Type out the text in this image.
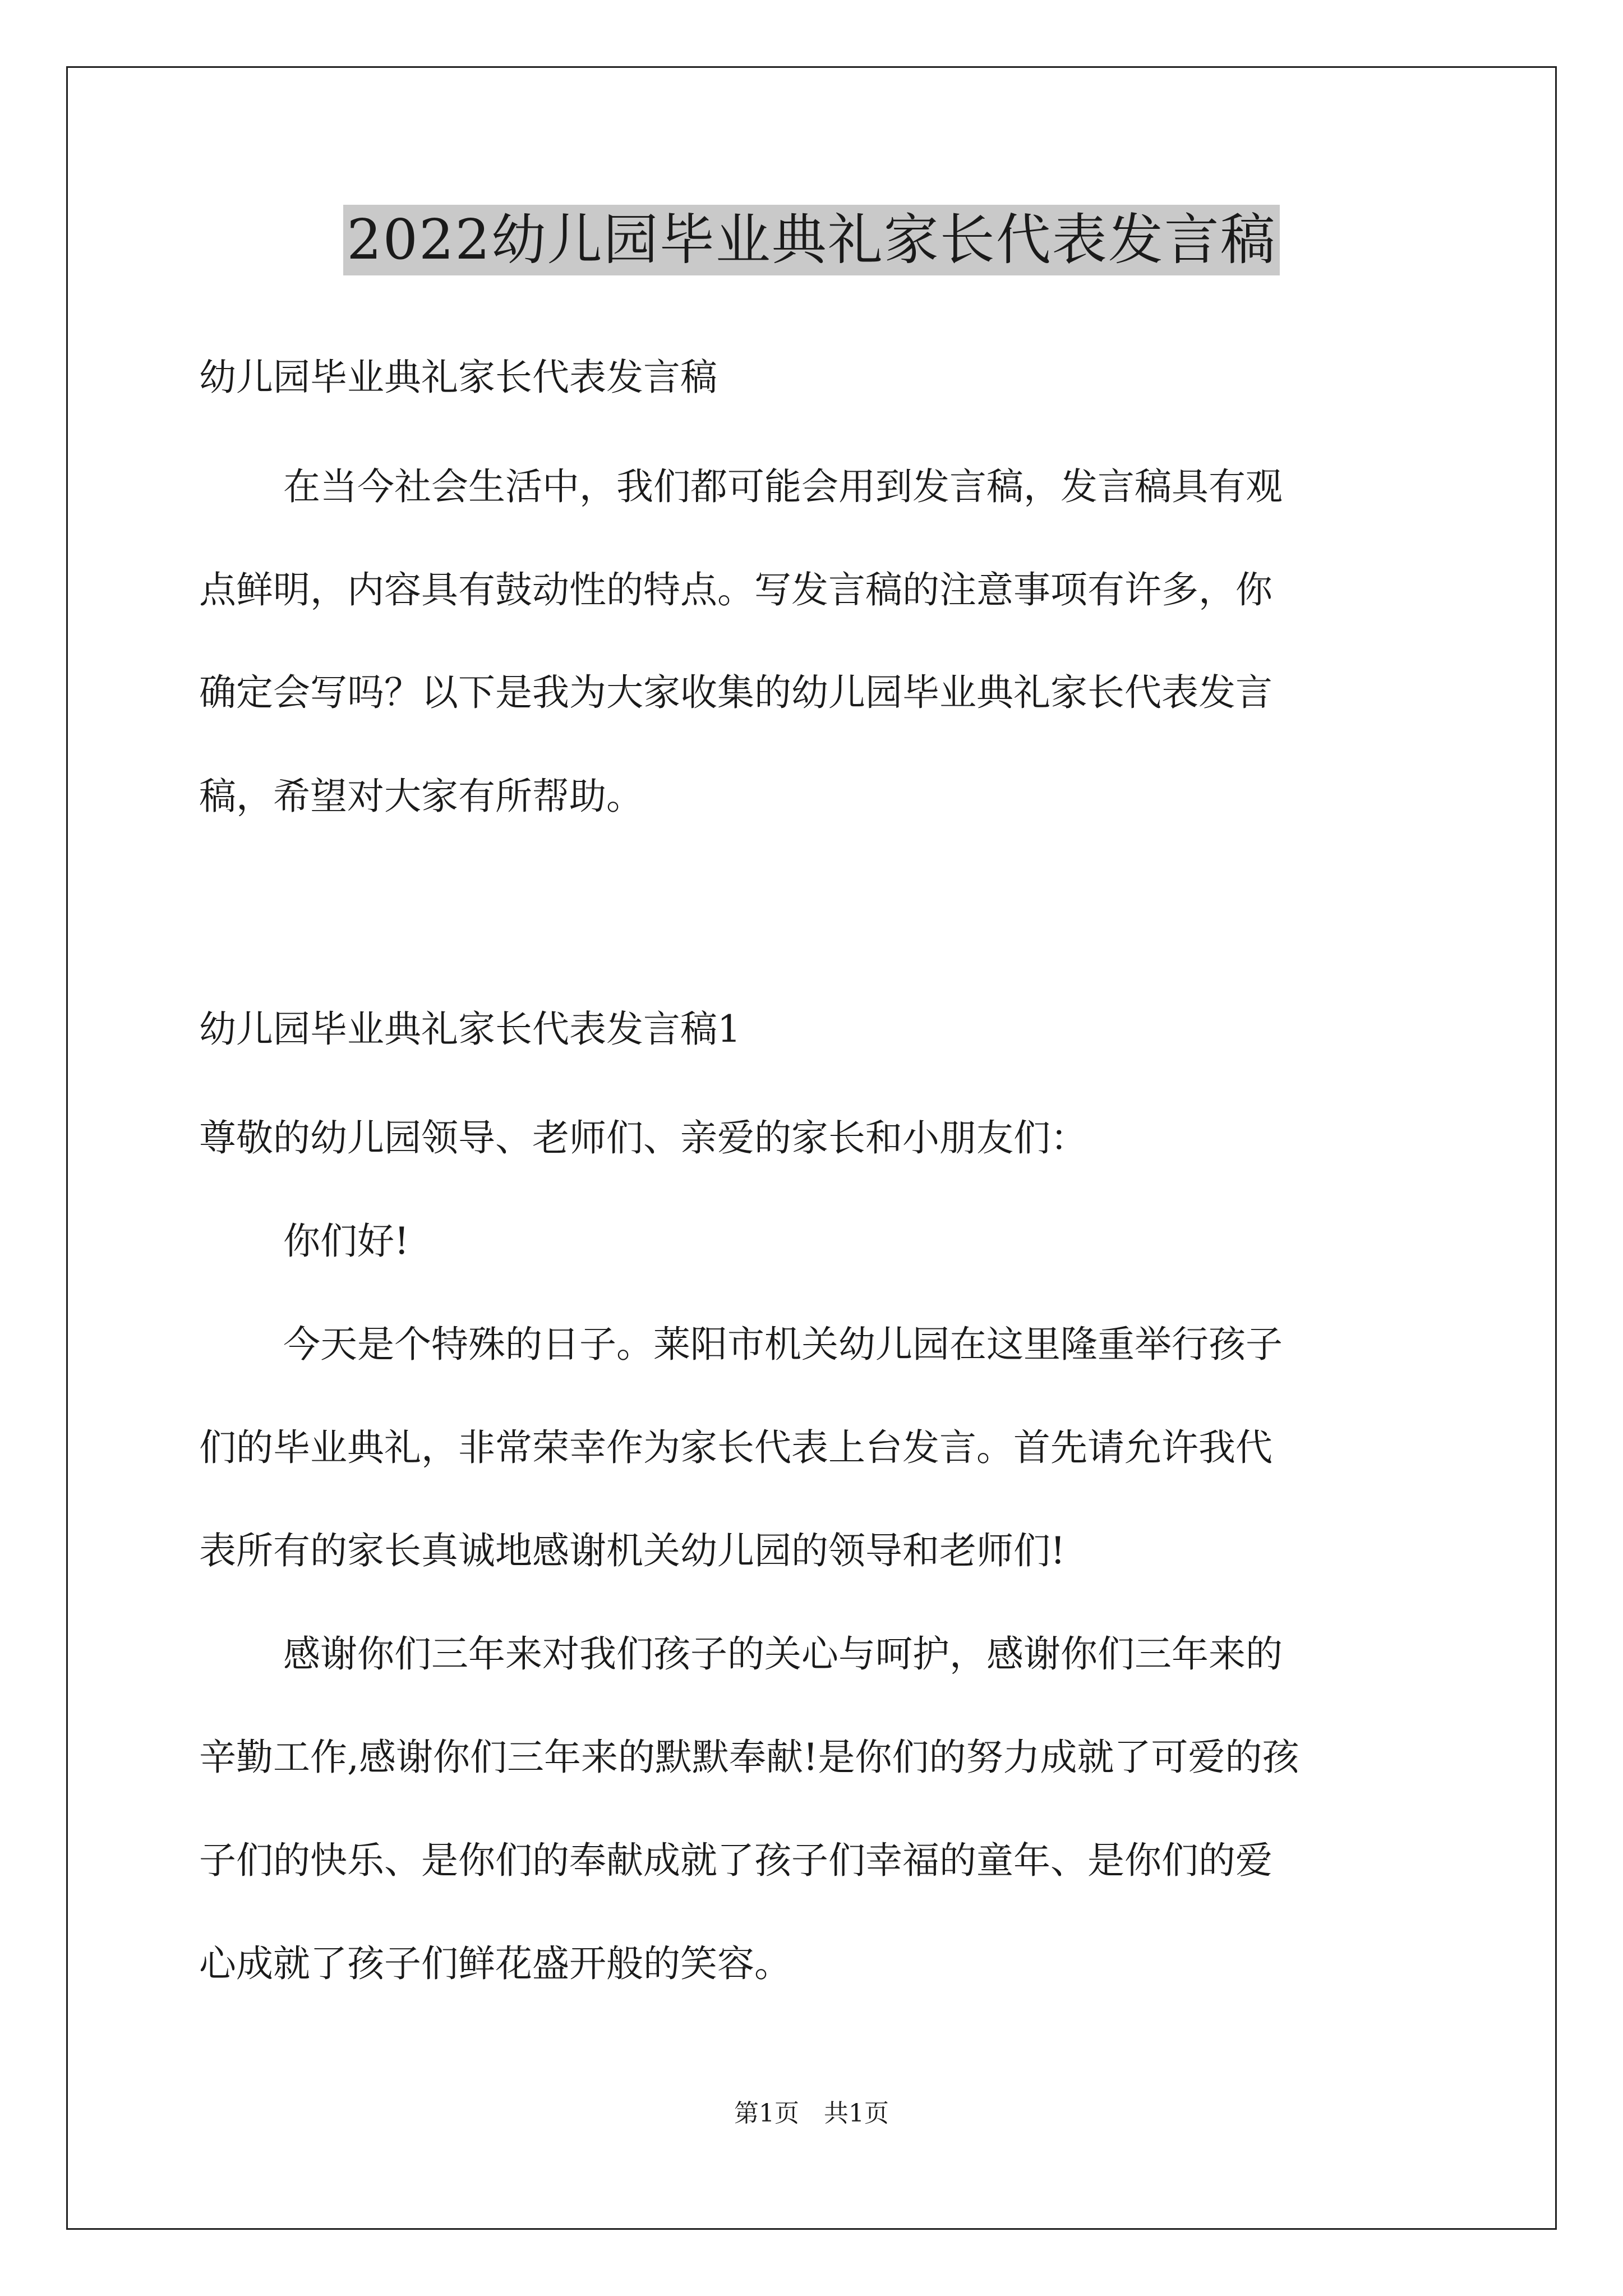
2022幼儿园毕业典礼家长代表发言稿
幼儿园毕业典礼家长代表发言稿
在当今社会生活中，我们都可能会用到发言稿，发言稿具有观
点鲜明，内容具有鼓动性的特点。写发言稿的注意事项有许多，你
确定会写吗？以下是我为大家收集的幼儿园毕业典礼家长代表发言
稿，希望对大家有所帮助。
幼儿园毕业典礼家长代表发言稿1
尊敬的幼儿园领导、老师们、亲爱的家长和小朋友们：
你们好!
今天是个特殊的日子。莱阳市机关幼儿园在这里隆重举行孩子
们的毕业典礼，非常荣幸作为家长代表上台发言。首先请允许我代
表所有的家长真诚地感谢机关幼儿园的领导和老师们!
感谢你们三年来对我们孩子的关心与呵护，感谢你们三年来的
辛勤工作,感谢你们三年来的默默奉献!是你们的努力成就了可爱的孩
子们的快乐、是你们的奉献成就了孩子们幸福的童年、是你们的爱
心成就了孩子们鲜花盛开般的笑容。
第1页　共1页
